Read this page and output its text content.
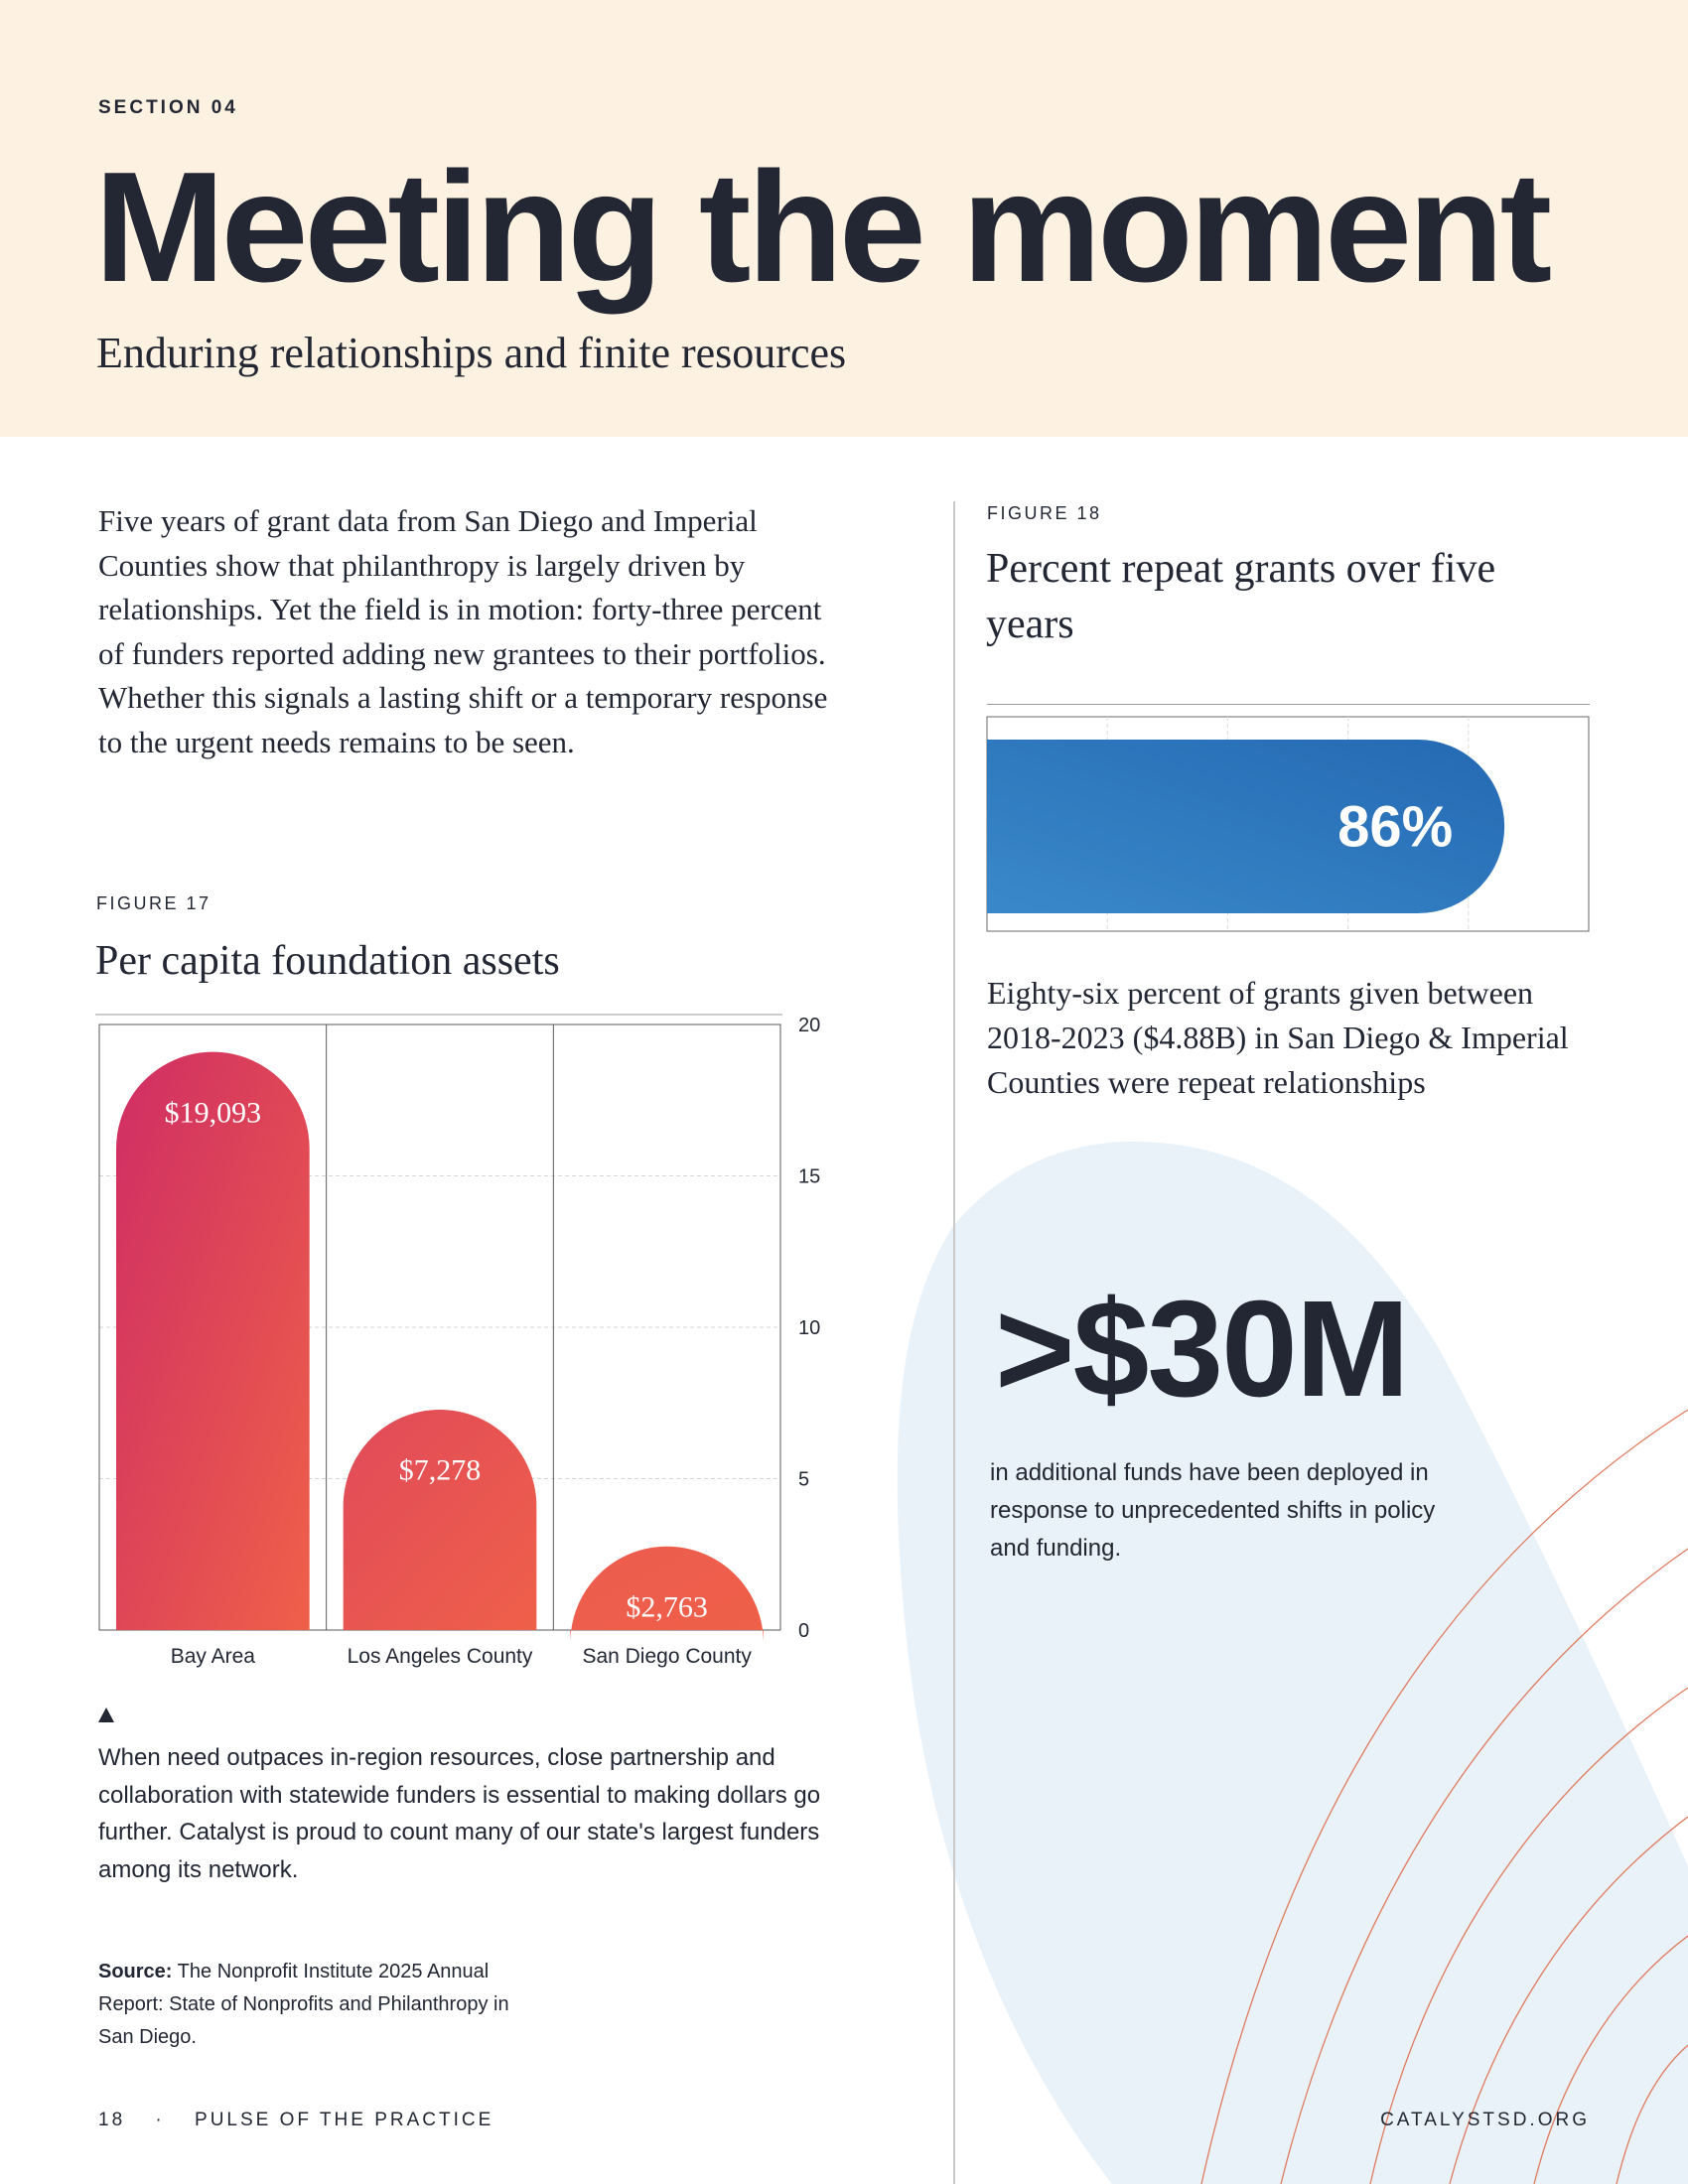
SECTION 04
Meeting the moment
Enduring relationships and finite resources

Five years of grant data from San Diego and Imperial Counties show that philanthropy is largely driven by relationships. Yet the field is in motion: forty-three percent of funders reported adding new grantees to their portfolios. Whether this signals a lasting shift or a temporary response to the urgent needs remains to be seen.

FIGURE 17
Per capita foundation assets
0
5
10
15
20
$19,093
Bay Area
$7,278
Los Angeles County
$2,763
San Diego County

When need outpaces in-region resources, close partnership and collaboration with statewide funders is essential to making dollars go further. Catalyst is proud to count many of our state's largest funders among its network.

Source: The Nonprofit Institute 2025 Annual Report: State of Nonprofits and Philanthropy in San Diego.

18 · PULSE OF THE PRACTICE	CATALYSTSD.ORG
FIGURE 18
Percent repeat grants over five years
86%

Eighty-six percent of grants given between 2018-2023 ($4.88B) in San Diego & Imperial Counties were repeat relationships

>$30M

in additional funds have been deployed in response to unprecedented shifts in policy and funding.
